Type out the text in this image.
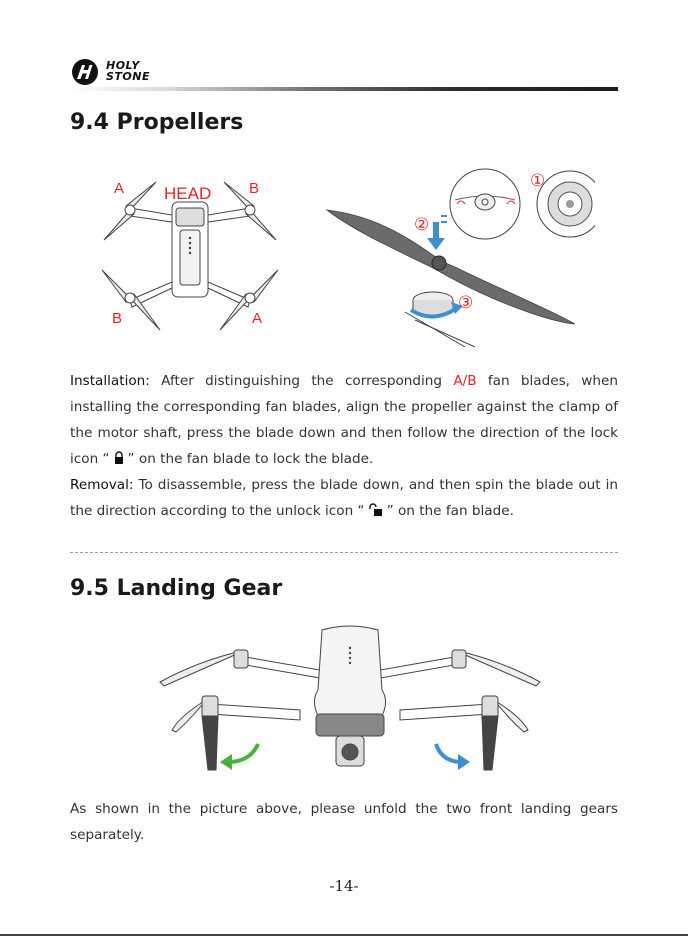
HOLY
STONE
9.4 Propellers
A HEAD	B
B	A
①
②
③
Installation: After distinguishing the corresponding A/B fan blades, when installing the corresponding fan blades, align the propeller against the clamp of the motor shaft, press the blade down and then follow the direction of the lock icon “ ” on the fan blade to lock the blade.
Removal: To disassemble, press the blade down, and then spin the blade out in the direction according to the unlock icon “ ” on the fan blade.
9.5 Landing Gear
As shown in the picture above, please unfold the two front landing gears separately.
-14-
